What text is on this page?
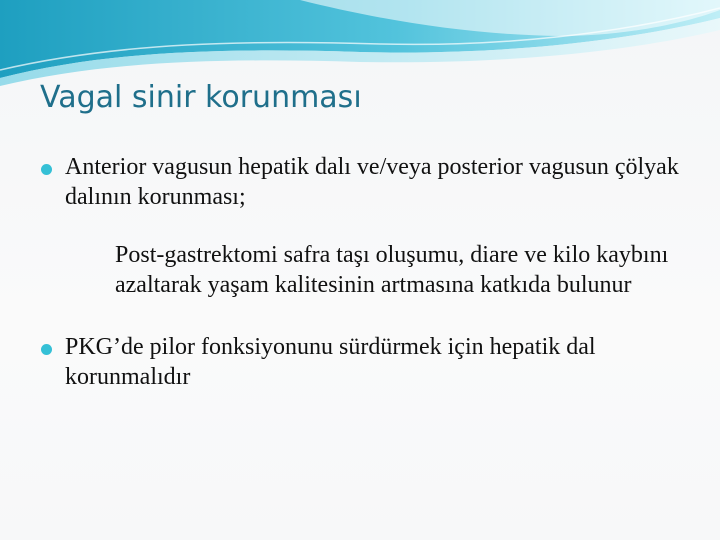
Vagal sinir korunması
Anterior vagusun hepatik dalı ve/veya posterior vagusun çölyak dalının korunması;
Post-gastrektomi safra taşı oluşumu, diare ve kilo kaybını azaltarak yaşam kalitesinin artmasına katkıda bulunur
PKG’de pilor fonksiyonunu sürdürmek için hepatik dal korunmalıdır
